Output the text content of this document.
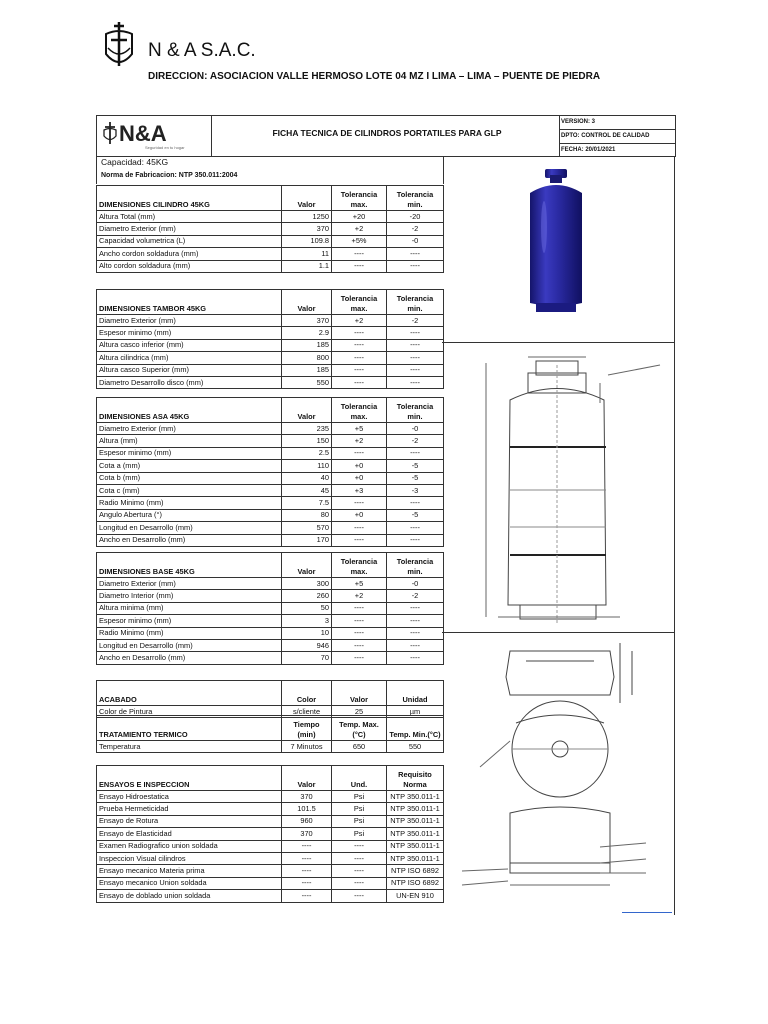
N & A S.A.C.
DIRECCION: ASOCIACION VALLE HERMOSO LOTE 04 MZ I LIMA – LIMA – PUENTE DE PIEDRA
N&A
Seguridad en tu hogar
FICHA TECNICA DE CILINDROS PORTATILES PARA GLP
VERSION: 3
DPTO: CONTROL DE CALIDAD
FECHA: 20/01/2021
Capacidad: 45KG
Norma de Fabricacion: NTP 350.011:2004
DIMENSIONES CILINDRO 45KG	Valor	Tolerancia max.	Tolerancia min.
Altura Total (mm)	1250	+20	-20
Diametro Exterior (mm)	370	+2	-2
Capacidad volumetrica (L)	109.8	+5%	-0
Ancho cordon soldadura (mm)	11	----	----
Alto cordon soldadura (mm)	1.1	----	----
DIMENSIONES TAMBOR 45KG	Valor	Tolerancia max.	Tolerancia min.
Diametro Exterior (mm)	370	+2	-2
Espesor minimo (mm)	2.9	----	----
Altura casco inferior (mm)	185	----	----
Altura cilindrica (mm)	800	----	----
Altura casco Superior (mm)	185	----	----
Diametro Desarrollo disco (mm)	550	----	----
DIMENSIONES ASA 45KG	Valor	Tolerancia max.	Tolerancia min.
Diametro Exterior (mm)	235	+5	-0
Altura (mm)	150	+2	-2
Espesor minimo (mm)	2.5	----	----
Cota a (mm)	110	+0	-5
Cota b (mm)	40	+0	-5
Cota c (mm)	45	+3	-3
Radio Minimo (mm)	7.5	----	----
Angulo Abertura (°)	80	+0	-5
Longitud en Desarrollo (mm)	570	----	----
Ancho en Desarrollo (mm)	170	----	----
DIMENSIONES BASE 45KG	Valor	Tolerancia max.	Tolerancia min.
Diametro Exterior (mm)	300	+5	-0
Diametro Interior (mm)	260	+2	-2
Altura minima (mm)	50	----	----
Espesor minimo (mm)	3	----	----
Radio Minimo (mm)	10	----	----
Longitud en Desarrollo (mm)	946	----	----
Ancho en Desarrollo (mm)	70	----	----
ACABADO	Color	Valor	Unidad
Color de Pintura	s/cliente	25	µm
TRATAMIENTO TERMICO	Tiempo (min)	Temp. Max.(°C)	Temp. Min.(°C)
Temperatura	7 Minutos	650	550
ENSAYOS E INSPECCION	Valor	Und.	Requisito Norma
Ensayo Hidroestatica	370	Psi	NTP 350.011-1
Prueba Hermeticidad	101.5	Psi	NTP 350.011-1
Ensayo de Rotura	960	Psi	NTP 350.011-1
Ensayo de Elasticidad	370	Psi	NTP 350.011-1
Examen Radiografico union soldada	----	----	NTP 350.011-1
Inspeccion Visual cilindros	----	----	NTP 350.011-1
Ensayo mecanico Materia prima	----	----	NTP ISO 6892
Ensayo mecanico Union soldada	----	----	NTP ISO 6892
Ensayo de doblado union soldada	----	----	UN-EN 910
